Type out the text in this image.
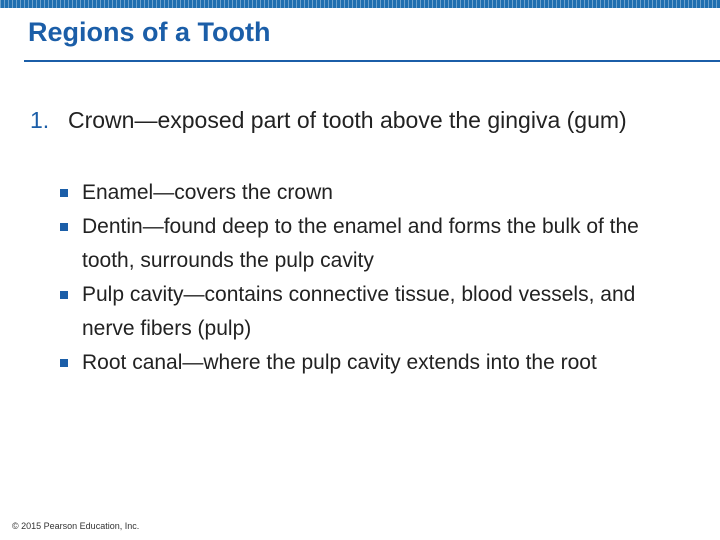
Regions of a Tooth
1. Crown—exposed part of tooth above the gingiva (gum)
Enamel—covers the crown
Dentin—found deep to the enamel and forms the bulk of the tooth, surrounds the pulp cavity
Pulp cavity—contains connective tissue, blood vessels, and nerve fibers (pulp)
Root canal—where the pulp cavity extends into the root
© 2015 Pearson Education, Inc.
